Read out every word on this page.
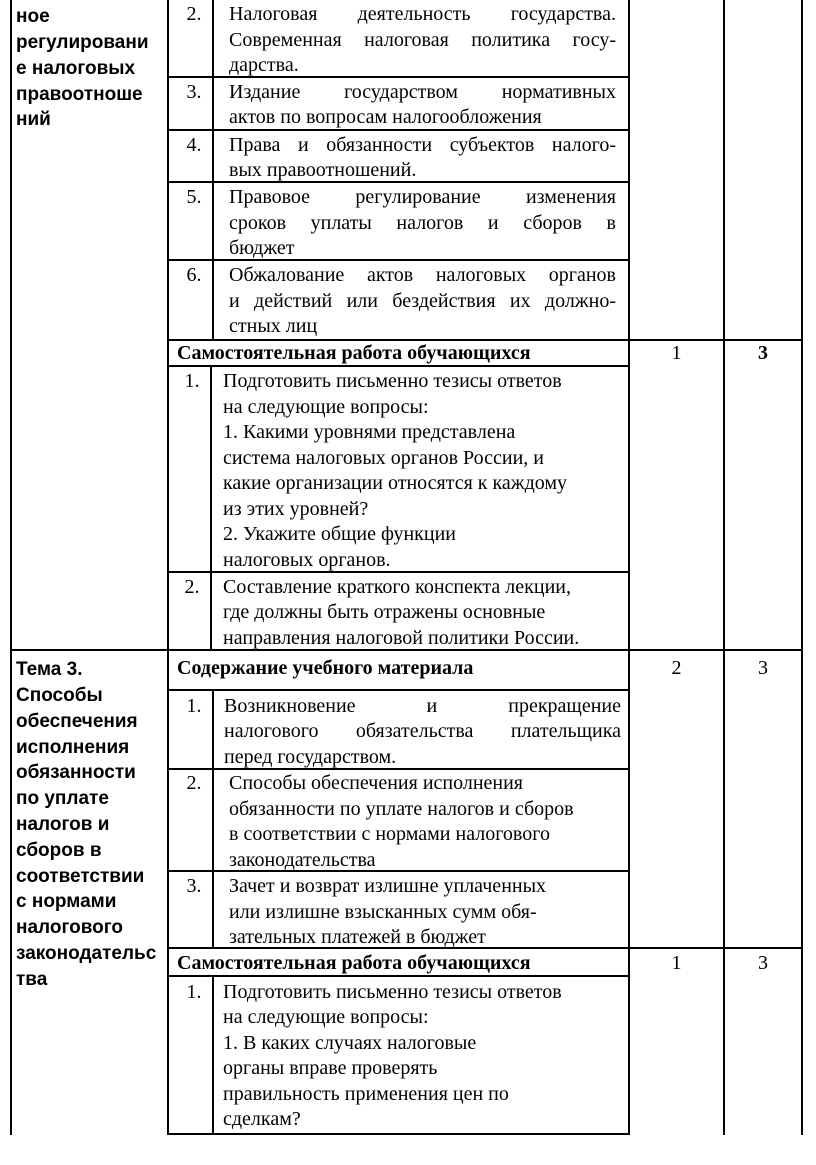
ное
регулировани
е налоговых
правоотноше
ний
2.	Налоговая деятельность государства.
Современная налоговая политика госу-
дарства.
3.	Издание государством нормативных
актов по вопросам налогообложения
4.	Права и обязанности субъектов налого-
вых правоотношений.
5.	Правовое регулирование изменения
сроков уплаты налогов и сборов в
бюджет
6.	Обжалование актов налоговых органов
и действий или бездействия их должно-
стных лиц
Самостоятельная работа обучающихся	1	3
1.	Подготовить письменно тезисы ответов
на следующие вопросы:
1. Какими уровнями представлена
система налоговых органов России, и
какие организации относятся к каждому
из этих уровней?
2. Укажите общие функции
налоговых органов.
2.	Составление краткого конспекта лекции,
где должны быть отражены основные
направления налоговой политики России.
Тема 3.
Способы
обеспечения
исполнения
обязанности
по уплате
налогов и
сборов в
соответствии
с нормами
налогового
законодательс
тва
Содержание учебного материала	2	3
1.	Возникновение и прекращение
налогового обязательства плательщика
перед государством.
2.	Способы обеспечения исполнения
обязанности по уплате налогов и сборов
в соответствии с нормами налогового
законодательства
3.	Зачет и возврат излишне уплаченных
или излишне взысканных сумм обя-
зательных платежей в бюджет
Самостоятельная работа обучающихся	1	3
1.	Подготовить письменно тезисы ответов
на следующие вопросы:
1. В каких случаях налоговые
органы вправе проверять
правильность применения цен по
сделкам?
